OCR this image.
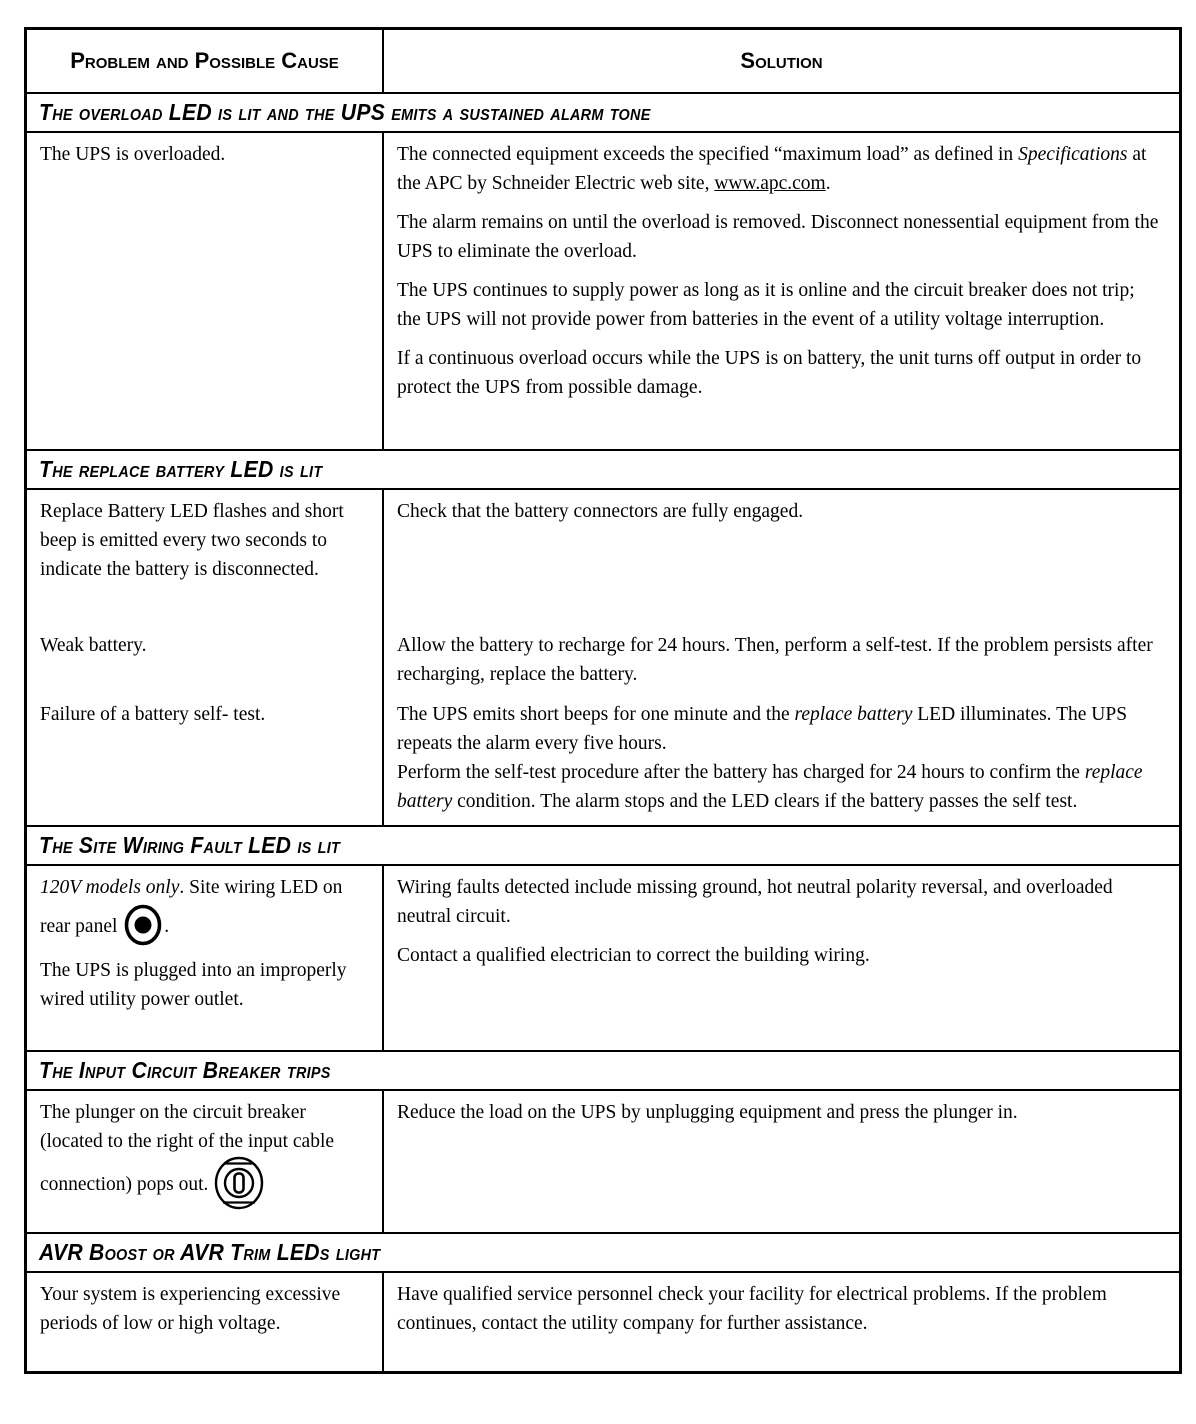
Problem and Possible Cause	Solution
The overload LED is lit and the UPS emits a sustained alarm tone
The UPS is overloaded.	The connected equipment exceeds the specified “maximum load” as defined in Specifications at the APC by Schneider Electric web site, www.apc.com.
The alarm remains on until the overload is removed. Disconnect nonessential equipment from the UPS to eliminate the overload.
The UPS continues to supply power as long as it is online and the circuit breaker does not trip; the UPS will not provide power from batteries in the event of a utility voltage interruption.
If a continuous overload occurs while the UPS is on battery, the unit turns off output in order to protect the UPS from possible damage.
The replace battery LED is lit
Replace Battery LED flashes and short beep is emitted every two seconds to indicate the battery is disconnected.
Weak battery.
Failure of a battery self- test.
Check that the battery connectors are fully engaged.
Allow the battery to recharge for 24 hours. Then, perform a self-test. If the problem persists after recharging, replace the battery.
The UPS emits short beeps for one minute and the replace battery LED illuminates. The UPS repeats the alarm every five hours.
Perform the self-test procedure after the battery has charged for 24 hours to confirm the replace battery condition. The alarm stops and the LED clears if the battery passes the self test.
The Site Wiring Fault LED is lit
120V models only. Site wiring LED on rear panel
.
The UPS is plugged into an improperly wired utility power outlet.
Wiring faults detected include missing ground, hot neutral polarity reversal, and overloaded neutral circuit.
Contact a qualified electrician to correct the building wiring.
The Input Circuit Breaker trips
The plunger on the circuit breaker (located to the right of the input cable connection) pops out.
Reduce the load on the UPS by unplugging equipment and press the plunger in.
AVR Boost or AVR Trim LEDs light
Your system is experiencing excessive periods of low or high voltage.
Have qualified service personnel check your facility for electrical problems. If the problem continues, contact the utility company for further assistance.
